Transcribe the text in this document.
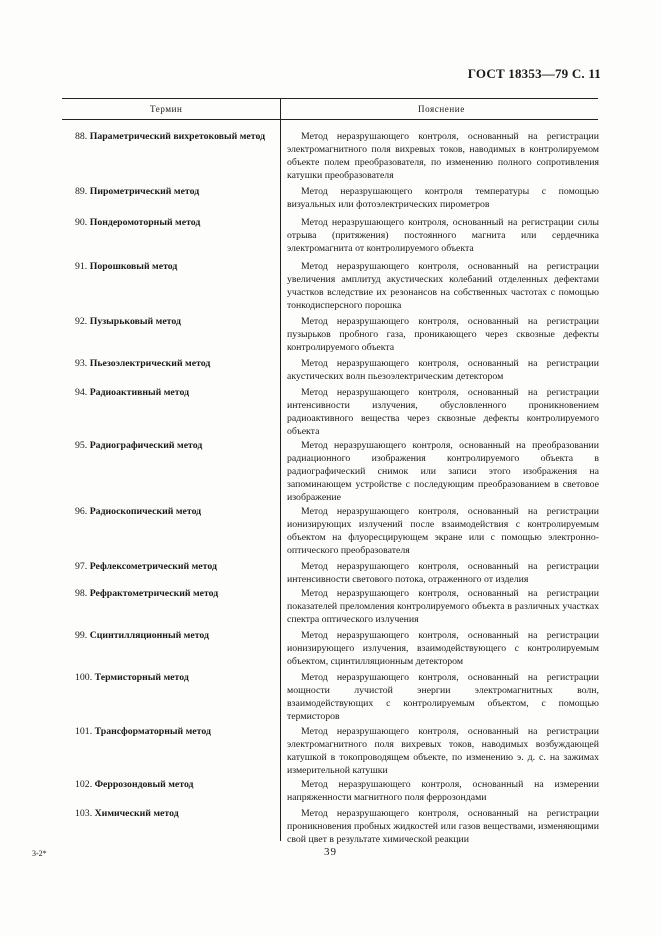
ГОСТ 18353—79 С. 11
Термин	Пояснение
88. Параметрический вихретоковый метод	Метод неразрушающего контроля, основанный на регистрации электромагнитного поля вихревых токов, наводимых в контролируемом объекте полем преобразователя, по изменению полного сопротивления катушки преобразователя
89. Пирометрический метод	Метод неразрушающего контроля температуры с помощью визуальных или фотоэлектрических пирометров
90. Пондеромоторный метод	Метод неразрушающего контроля, основанный на регистрации силы отрыва (притяжения) постоянного магнита или сердечника электромагнита от контролируемого объекта
91. Порошковый метод	Метод неразрушающего контроля, основанный на регистрации увеличения амплитуд акустических колебаний отделенных дефектами участков вследствие их резонансов на собственных частотах с помощью тонкодисперсного порошка
92. Пузырьковый метод	Метод неразрушающего контроля, основанный на регистрации пузырьков пробного газа, проникающего через сквозные дефекты контролируемого объекта
93. Пьезоэлектрический метод	Метод неразрушающего контроля, основанный на регистрации акустических волн пьезоэлектрическим детектором
94. Радиоактивный метод	Метод неразрушающего контроля, основанный на регистрации интенсивности излучения, обусловленного проникновением радиоактивного вещества через сквозные дефекты контролируемого объекта
95. Радиографический метод	Метод неразрушающего контроля, основанный на преобразовании радиационного изображения контролируемого объекта в радиографический снимок или записи этого изображения на запоминающем устройстве с последующим преобразованием в световое изображение
96. Радиоскопический метод	Метод неразрушающего контроля, основанный на регистрации ионизирующих излучений после взаимодействия с контролируемым объектом на флуоресцирующем экране или с помощью электронно-оптического преобразователя
97. Рефлексометрический метод	Метод неразрушающего контроля, основанный на регистрации интенсивности светового потока, отраженного от изделия
98. Рефрактометрический метод	Метод неразрушающего контроля, основанный на регистрации показателей преломления контролируемого объекта в различных участках спектра оптического излучения
99. Сцинтилляционный метод	Метод неразрушающего контроля, основанный на регистрации ионизирующего излучения, взаимодействующего с контролируемым объектом, сцинтилляционным детектором
100. Термисторный метод	Метод неразрушающего контроля, основанный на регистрации мощности лучистой энергии электромагнитных волн, взаимодействующих с контролируемым объектом, с помощью термисторов
101. Трансформаторный метод	Метод неразрушающего контроля, основанный на регистрации электромагнитного поля вихревых токов, наводимых возбуждающей катушкой в токопроводящем объекте, по изменению э. д. с. на зажимах измерительной катушки
102. Феррозондовый метод	Метод неразрушающего контроля, основанный на измерении напряженности магнитного поля феррозондами
103. Химический метод	Метод неразрушающего контроля, основанный на регистрации проникновения пробных жидкостей или газов веществами, изменяющими свой цвет в результате химической реакции
3-2*	39
